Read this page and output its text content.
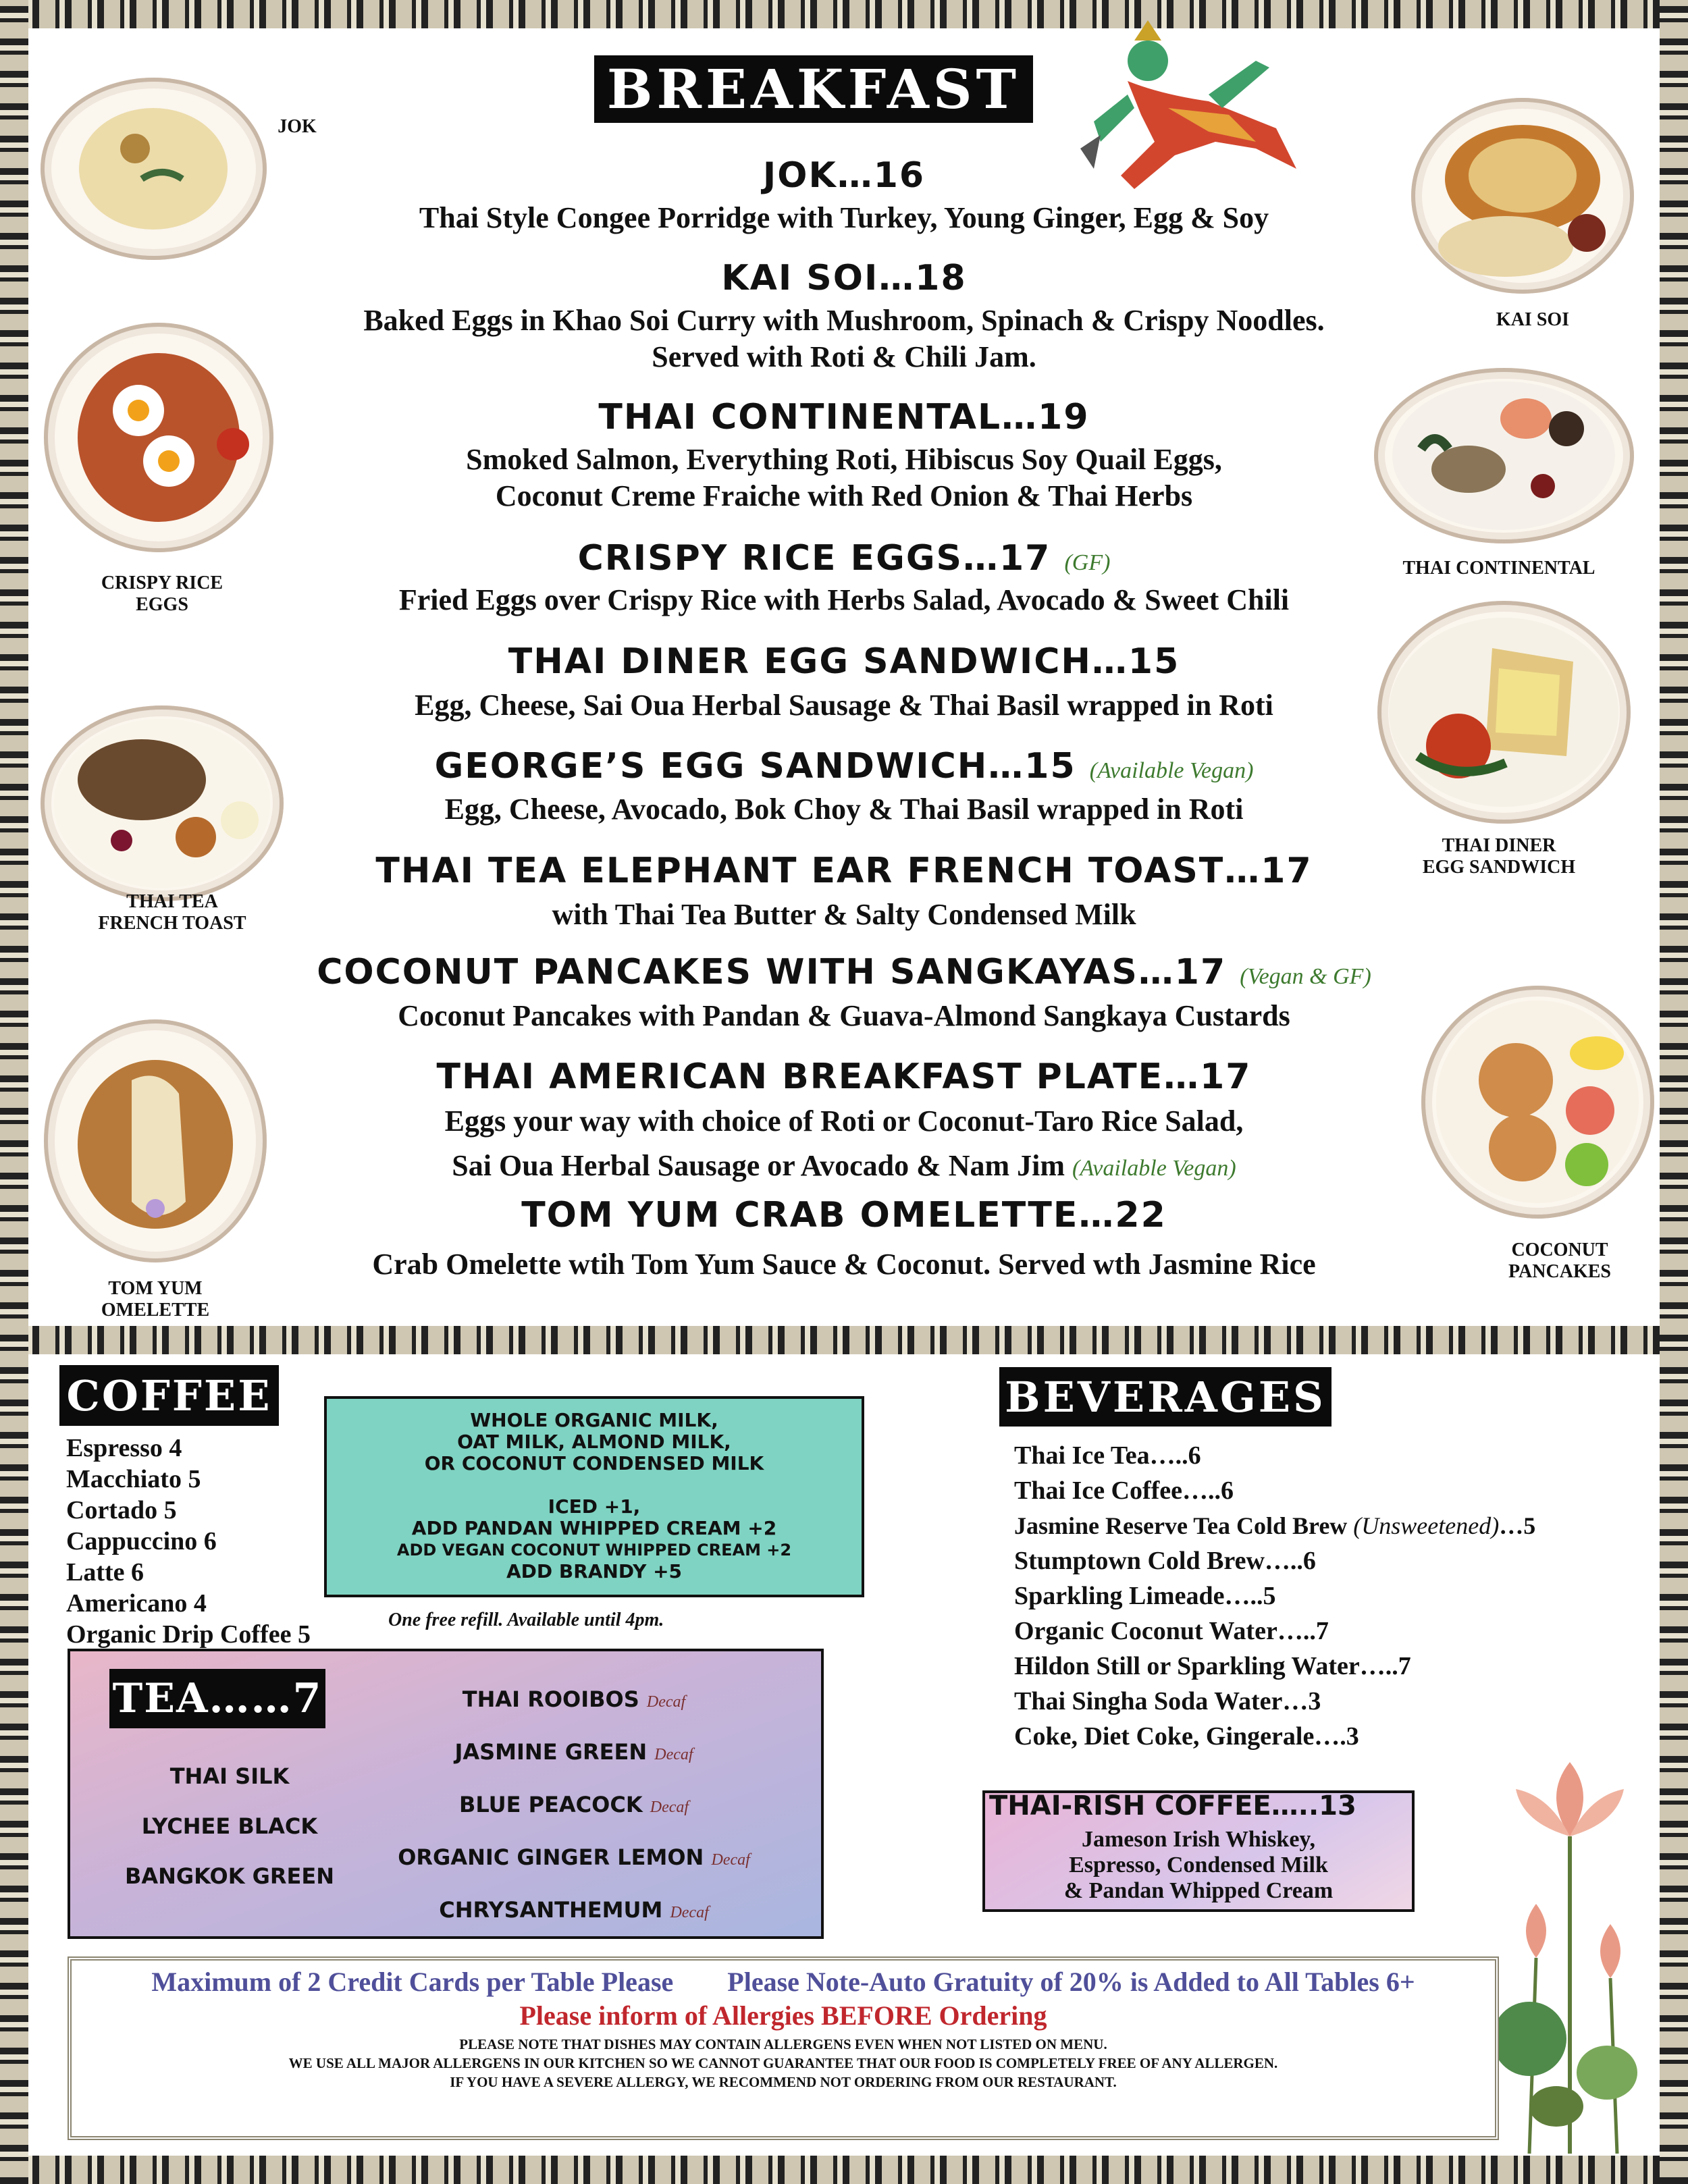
BREAKFAST
JOK
KAI SOI
CRISPY RICE
EGGS
THAI CONTINENTAL
THAI TEA
FRENCH TOAST
THAI DINER
EGG SANDWICH
TOM YUM
OMELETTE
COCONUT
PANCAKES
JOK…16
Thai Style Congee Porridge with Turkey, Young Ginger, Egg & Soy
KAI SOI…18
Baked Eggs in Khao Soi Curry with Mushroom, Spinach & Crispy Noodles.
Served with Roti & Chili Jam.
THAI CONTINENTAL…19
Smoked Salmon, Everything Roti, Hibiscus Soy Quail Eggs,
Coconut Creme Fraiche with Red Onion & Thai Herbs
CRISPY RICE EGGS…17 (GF)
Fried Eggs over Crispy Rice with Herbs Salad, Avocado & Sweet Chili
THAI DINER EGG SANDWICH…15
Egg, Cheese, Sai Oua Herbal Sausage & Thai Basil wrapped in Roti
GEORGE’S EGG SANDWICH…15 (Available Vegan)
Egg, Cheese, Avocado, Bok Choy & Thai Basil wrapped in Roti
THAI TEA ELEPHANT EAR FRENCH TOAST…17
with Thai Tea Butter & Salty Condensed Milk
COCONUT PANCAKES WITH SANGKAYAS…17 (Vegan & GF)
Coconut Pancakes with Pandan & Guava-Almond Sangkaya Custards
THAI AMERICAN BREAKFAST PLATE…17
Eggs your way with choice of Roti or Coconut-Taro Rice Salad,
Sai Oua Herbal Sausage or Avocado & Nam Jim (Available Vegan)
TOM YUM CRAB OMELETTE…22
Crab Omelette wtih Tom Yum Sauce & Coconut. Served wth Jasmine Rice
COFFEE
Espresso 4
Macchiato 5
Cortado 5
Cappuccino 6
Latte 6
Americano 4
Organic Drip Coffee 5
WHOLE ORGANIC MILK,
OAT MILK, ALMOND MILK,
OR COCONUT CONDENSED MILK
ICED +1,
ADD PANDAN WHIPPED CREAM +2
ADD VEGAN COCONUT WHIPPED CREAM +2
ADD BRANDY +5
One free refill. Available until 4pm.
TEA……7
THAI SILK
LYCHEE BLACK
BANGKOK GREEN
THAI ROOIBOS Decaf
JASMINE GREEN Decaf
BLUE PEACOCK Decaf
ORGANIC GINGER LEMON Decaf
CHRYSANTHEMUM Decaf
BEVERAGES
Thai Ice Tea…..6
Thai Ice Coffee…..6
Jasmine Reserve Tea Cold Brew (Unsweetened)…5
Stumptown Cold Brew…..6
Sparkling Limeade…..5
Organic Coconut Water…..7
Hildon Still or Sparkling Water…..7
Thai Singha Soda Water…3
Coke, Diet Coke, Gingerale….3
THAI-RISH COFFEE…..13
Jameson Irish Whiskey,
Espresso, Condensed Milk
& Pandan Whipped Cream
Maximum of 2 Credit Cards per Table Please Please Note-Auto Gratuity of 20% is Added to All Tables 6+
Please inform of Allergies BEFORE Ordering
PLEASE NOTE THAT DISHES MAY CONTAIN ALLERGENS EVEN WHEN NOT LISTED ON MENU.
WE USE ALL MAJOR ALLERGENS IN OUR KITCHEN SO WE CANNOT GUARANTEE THAT OUR FOOD IS COMPLETELY FREE OF ANY ALLERGEN.
IF YOU HAVE A SEVERE ALLERGY, WE RECOMMEND NOT ORDERING FROM OUR RESTAURANT.
